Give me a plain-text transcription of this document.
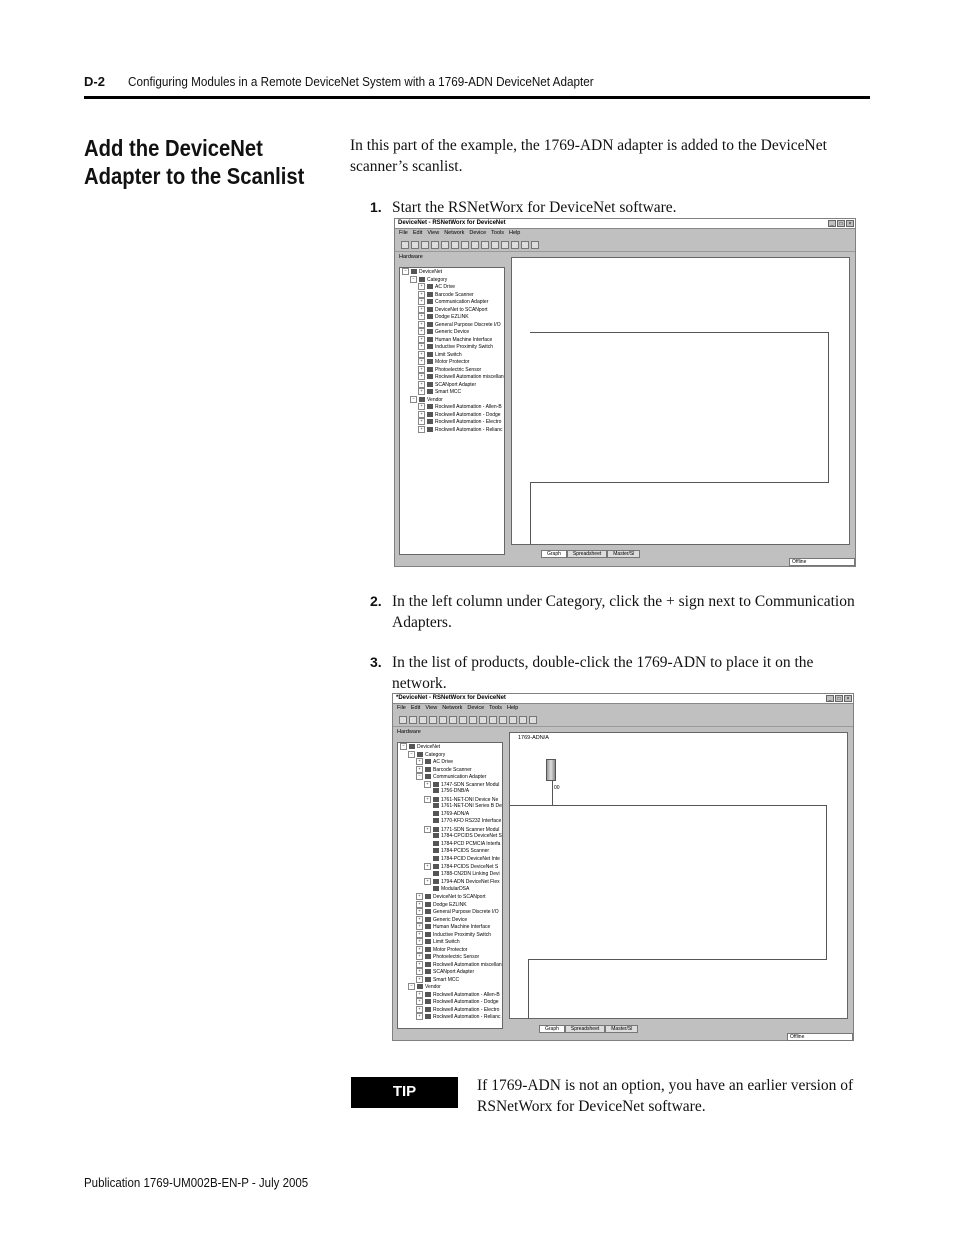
D-2 Configuring Modules in a Remote DeviceNet System with a 1769-ADN DeviceNet Adapter
Add the DeviceNet Adapter to the Scanlist
In this part of the example, the 1769-ADN adapter is added to the DeviceNet scanner’s scanlist.
1. Start the RSNetWorx for DeviceNet software.
DeviceNet - RSNetWorx for DeviceNet	_	□	×
File Edit View Network Device Tools Help
Hardware
− DeviceNet
− Category
+ AC Drive
+ Barcode Scanner
+ Communication Adapter
+ DeviceNet to SCANport
+ Dodge EZLINK
+ General Purpose Discrete I/O
+ Generic Device
+ Human Machine Interface
+ Inductive Proximity Switch
+ Limit Switch
+ Motor Protector
+ Photoelectric Sensor
+ Rockwell Automation miscellan
+ SCANport Adapter
+ Smart MCC
− Vendor
+ Rockwell Automation - Allen-B
+ Rockwell Automation - Dodge
+ Rockwell Automation - Electro
+ Rockwell Automation - Relianc
Graph	Spreadsheet	Master/Sl
Offline
2. In the left column under Category, click the + sign next to Communication Adapters.
3. In the list of products, double-click the 1769-ADN to place it on the network.
*DeviceNet - RSNetWorx for DeviceNet	_	□	×
File Edit View Network Device Tools Help
Hardware
− DeviceNet
− Category
+ AC Drive
+ Barcode Scanner
− Communication Adapter
+ 1747-SDN Scanner Modul
1756-DNB/A
+ 1761-NET-DNI Device Ne
1761-NET-DNI Series B De
1769-ADN/A
1770-KFD RS232 Interface
+ 1771-SDN Scanner Modul
1784-CPCIDS DeviceNet S
1784-PCD PCMCIA Interfa
1784-PCIDS Scanner
1784-PCID DeviceNet Inte
+ 1784-PCIDS DeviceNet S
1788-CN2DN Linking Devi
+ 1794-ADN DeviceNet Flex
ModularDSA
+ DeviceNet to SCANport
+ Dodge EZLINK
+ General Purpose Discrete I/O
+ Generic Device
+ Human Machine Interface
+ Inductive Proximity Switch
+ Limit Switch
+ Motor Protector
+ Photoelectric Sensor
+ Rockwell Automation miscellan
+ SCANport Adapter
+ Smart MCC
− Vendor
+ Rockwell Automation - Allen-B
+ Rockwell Automation - Dodge
+ Rockwell Automation - Electro
+ Rockwell Automation - Relianc
1769-ADN/A
00
Graph	Spreadsheet	Master/Sl
Offline
TIP	If 1769-ADN is not an option, you have an earlier version of RSNetWorx for DeviceNet software.
Publication 1769-UM002B-EN-P - July 2005
